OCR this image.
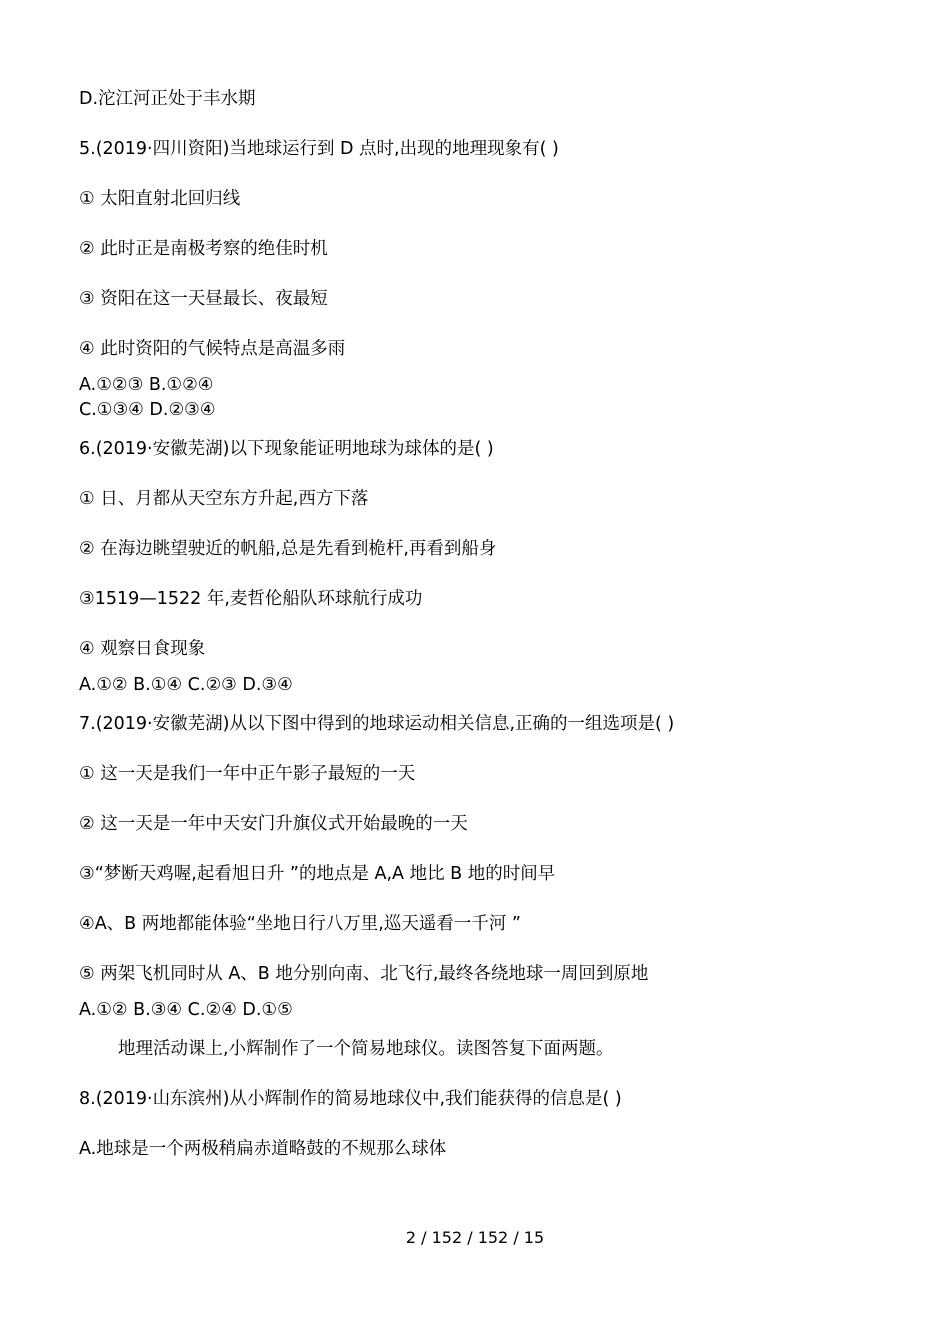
D.沱江河正处于丰水期

5.(2019·四川资阳)当地球运行到 D 点时,出现的地理现象有( )

① 太阳直射北回归线

② 此时正是南极考察的绝佳时机

③ 资阳在这一天昼最长、夜最短

④ 此时资阳的气候特点是高温多雨

A.①②③ B.①②④

C.①③④ D.②③④

6.(2019·安徽芜湖)以下现象能证明地球为球体的是( )

① 日、月都从天空东方升起,西方下落

② 在海边眺望驶近的帆船,总是先看到桅杆,再看到船身

③1519—1522 年,麦哲伦船队环球航行成功

④ 观察日食现象

A.①② B.①④ C.②③ D.③④

7.(2019·安徽芜湖)从以下图中得到的地球运动相关信息,正确的一组选项是( )

① 这一天是我们一年中正午影子最短的一天

② 这一天是一年中天安门升旗仪式开始最晚的一天

③“梦断天鸡喔,起看旭日升 ”的地点是 A,A 地比 B 地的时间早

④A、B 两地都能体验“坐地日行八万里,巡天遥看一千河 ”

⑤ 两架飞机同时从 A、B 地分别向南、北飞行,最终各绕地球一周回到原地

A.①② B.③④ C.②④ D.①⑤

地理活动课上,小辉制作了一个简易地球仪。读图答复下面两题。

8.(2019·山东滨州)从小辉制作的简易地球仪中,我们能获得的信息是( )

A.地球是一个两极稍扁赤道略鼓的不规那么球体

2 / 152 / 152 / 15
